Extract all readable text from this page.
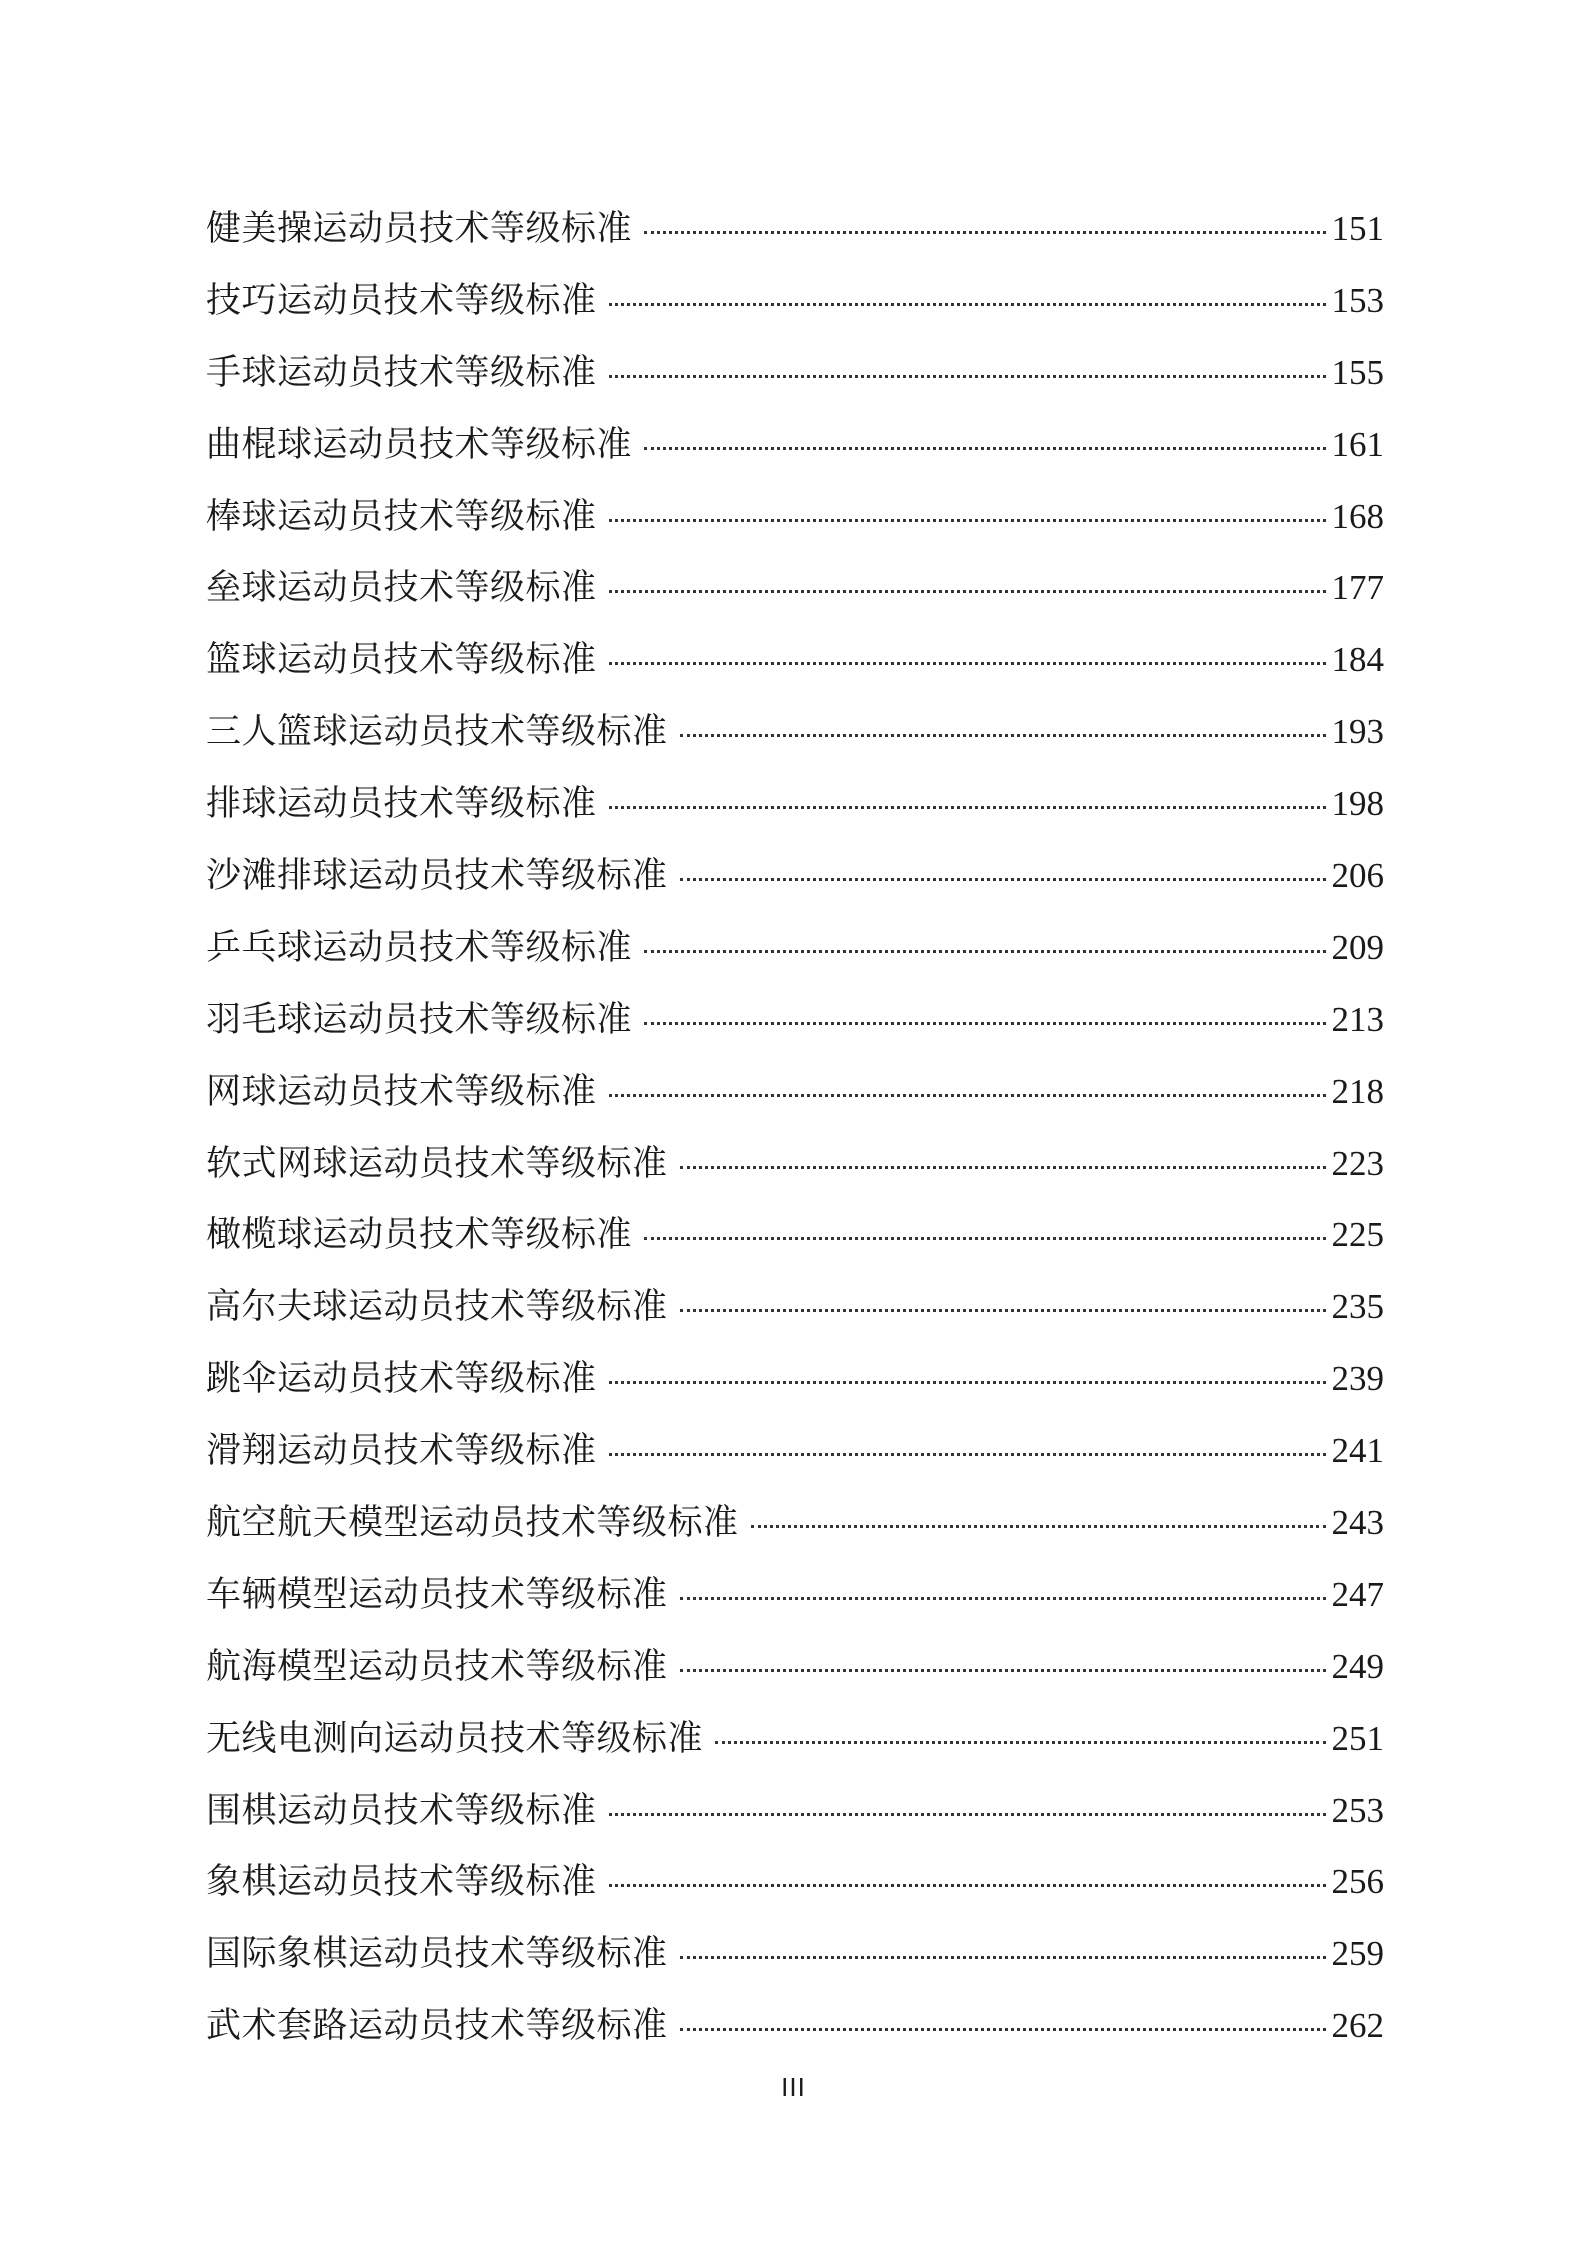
健美操运动员技术等级标准	151
技巧运动员技术等级标准	153
手球运动员技术等级标准	155
曲棍球运动员技术等级标准	161
棒球运动员技术等级标准	168
垒球运动员技术等级标准	177
篮球运动员技术等级标准	184
三人篮球运动员技术等级标准	193
排球运动员技术等级标准	198
沙滩排球运动员技术等级标准	206
乒乓球运动员技术等级标准	209
羽毛球运动员技术等级标准	213
网球运动员技术等级标准	218
软式网球运动员技术等级标准	223
橄榄球运动员技术等级标准	225
高尔夫球运动员技术等级标准	235
跳伞运动员技术等级标准	239
滑翔运动员技术等级标准	241
航空航天模型运动员技术等级标准	243
车辆模型运动员技术等级标准	247
航海模型运动员技术等级标准	249
无线电测向运动员技术等级标准	251
围棋运动员技术等级标准	253
象棋运动员技术等级标准	256
国际象棋运动员技术等级标准	259
武术套路运动员技术等级标准	262
III
